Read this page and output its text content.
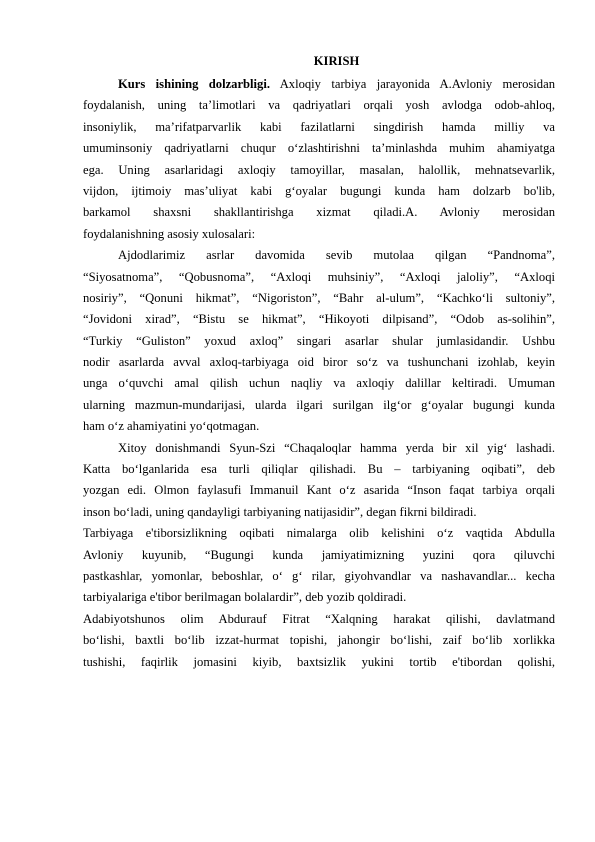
KIRISH
Kurs ishining dolzarbligi. Axloqiy tarbiya jarayonida A.Avloniy merosidan
foydalanish, uning ta’limotlari va qadriyatlari orqali yosh avlodga odob-ahloq,
insoniylik, ma’rifatparvarlik kabi fazilatlarni singdirish hamda milliy va
umuminsoniy qadriyatlarni chuqur o‘zlashtirishni ta’minlashda muhim ahamiyatga
ega. Uning asarlaridagi axloqiy tamoyillar, masalan, halollik, mehnatsevarlik,
vijdon, ijtimoiy mas’uliyat kabi g‘oyalar bugungi kunda ham dolzarb bo'lib,
barkamol shaxsni shakllantirishga xizmat qiladi.A. Avloniy merosidan
foydalanishning asosiy xulosalari:
Ajdodlarimiz asrlar davomida sevib mutolaa qilgan “Pandnoma”,
“Siyosatnoma”, “Qobusnoma”, “Axloqi muhsiniy”, “Axloqi jaloliy”, “Axloqi
nosiriy”, “Qonuni hikmat”, “Nigoriston”, “Bahr al-ulum”, “Kachko‘li sultoniy”,
“Jovidoni xirad”, “Bistu se hikmat”, “Hikoyoti dilpisand”, “Odob as-solihin”,
“Turkiy “Guliston” yoxud axloq” singari asarlar shular jumlasidandir. Ushbu
nodir asarlarda avval axloq-tarbiyaga oid biror so‘z va tushunchani izohlab, keyin
unga o‘quvchi amal qilish uchun naqliy va axloqiy dalillar keltiradi. Umuman
ularning mazmun-mundarijasi, ularda ilgari surilgan ilg‘or g‘oyalar bugungi kunda
ham o‘z ahamiyatini yo‘qotmagan.
Xitoy donishmandi Syun-Szi “Chaqaloqlar hamma yerda bir xil yig‘ lashadi.
Katta bo‘lganlarida esa turli qiliqlar qilishadi. Bu – tarbiyaning oqibati”, deb
yozgan edi. Olmon faylasufi Immanuil Kant o‘z asarida “Inson faqat tarbiya orqali
inson bo‘ladi, uning qandayligi tarbiyaning natijasidir”, degan fikrni bildiradi.
Tarbiyaga e'tiborsizlikning oqibati nimalarga olib kelishini o‘z vaqtida Abdulla
Avloniy kuyunib, “Bugungi kunda jamiyatimizning yuzini qora qiluvchi
pastkashlar, yomonlar, beboshlar, o‘ g‘ rilar, giyohvandlar va nashavandlar... kecha
tarbiyalariga e'tibor berilmagan bolalardir”, deb yozib qoldiradi.
Adabiyotshunos olim Abdurauf Fitrat “Xalqning harakat qilishi, davlatmand
bo‘lishi, baxtli bo‘lib izzat-hurmat topishi, jahongir bo‘lishi, zaif bo‘lib xorlikka
tushishi, faqirlik jomasini kiyib, baxtsizlik yukini tortib e'tibordan qolishi,
